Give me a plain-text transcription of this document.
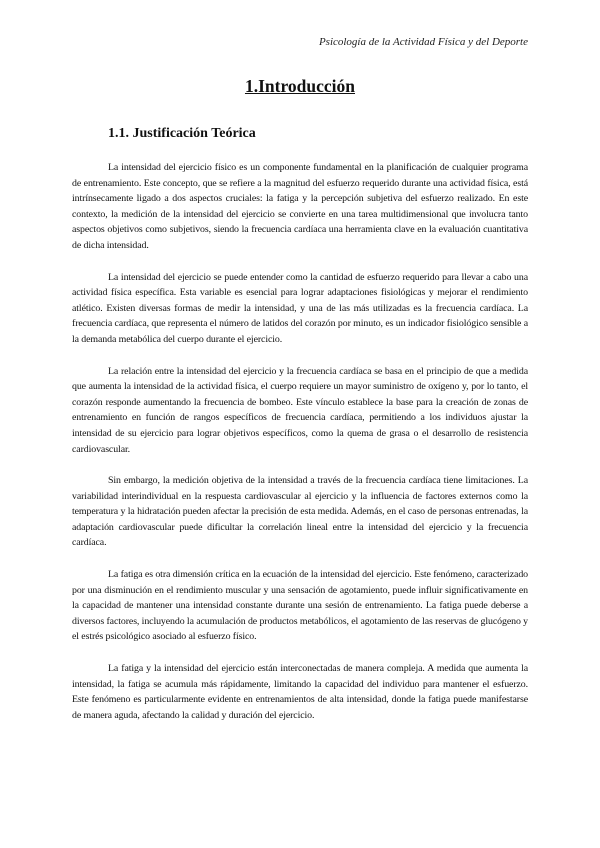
Psicología de la Actividad Física y del Deporte
1.Introducción
1.1. Justificación Teórica

La intensidad del ejercicio físico es un componente fundamental en la planificación de cualquier programa de entrenamiento. Este concepto, que se refiere a la magnitud del esfuerzo requerido durante una actividad física, está intrínsecamente ligado a dos aspectos cruciales: la fatiga y la percepción subjetiva del esfuerzo realizado. En este contexto, la medición de la intensidad del ejercicio se convierte en una tarea multidimensional que involucra tanto aspectos objetivos como subjetivos, siendo la frecuencia cardíaca una herramienta clave en la evaluación cuantitativa de dicha intensidad.

La intensidad del ejercicio se puede entender como la cantidad de esfuerzo requerido para llevar a cabo una actividad física específica. Esta variable es esencial para lograr adaptaciones fisiológicas y mejorar el rendimiento atlético. Existen diversas formas de medir la intensidad, y una de las más utilizadas es la frecuencia cardíaca. La frecuencia cardíaca, que representa el número de latidos del corazón por minuto, es un indicador fisiológico sensible a la demanda metabólica del cuerpo durante el ejercicio.

La relación entre la intensidad del ejercicio y la frecuencia cardíaca se basa en el principio de que a medida que aumenta la intensidad de la actividad física, el cuerpo requiere un mayor suministro de oxígeno y, por lo tanto, el corazón responde aumentando la frecuencia de bombeo. Este vínculo establece la base para la creación de zonas de entrenamiento en función de rangos específicos de frecuencia cardíaca, permitiendo a los individuos ajustar la intensidad de su ejercicio para lograr objetivos específicos, como la quema de grasa o el desarrollo de resistencia cardiovascular.

Sin embargo, la medición objetiva de la intensidad a través de la frecuencia cardíaca tiene limitaciones. La variabilidad interindividual en la respuesta cardiovascular al ejercicio y la influencia de factores externos como la temperatura y la hidratación pueden afectar la precisión de esta medida. Además, en el caso de personas entrenadas, la adaptación cardiovascular puede dificultar la correlación lineal entre la intensidad del ejercicio y la frecuencia cardíaca.

La fatiga es otra dimensión crítica en la ecuación de la intensidad del ejercicio. Este fenómeno, caracterizado por una disminución en el rendimiento muscular y una sensación de agotamiento, puede influir significativamente en la capacidad de mantener una intensidad constante durante una sesión de entrenamiento. La fatiga puede deberse a diversos factores, incluyendo la acumulación de productos metabólicos, el agotamiento de las reservas de glucógeno y el estrés psicológico asociado al esfuerzo físico.

La fatiga y la intensidad del ejercicio están interconectadas de manera compleja. A medida que aumenta la intensidad, la fatiga se acumula más rápidamente, limitando la capacidad del individuo para mantener el esfuerzo. Este fenómeno es particularmente evidente en entrenamientos de alta intensidad, donde la fatiga puede manifestarse de manera aguda, afectando la calidad y duración del ejercicio.
